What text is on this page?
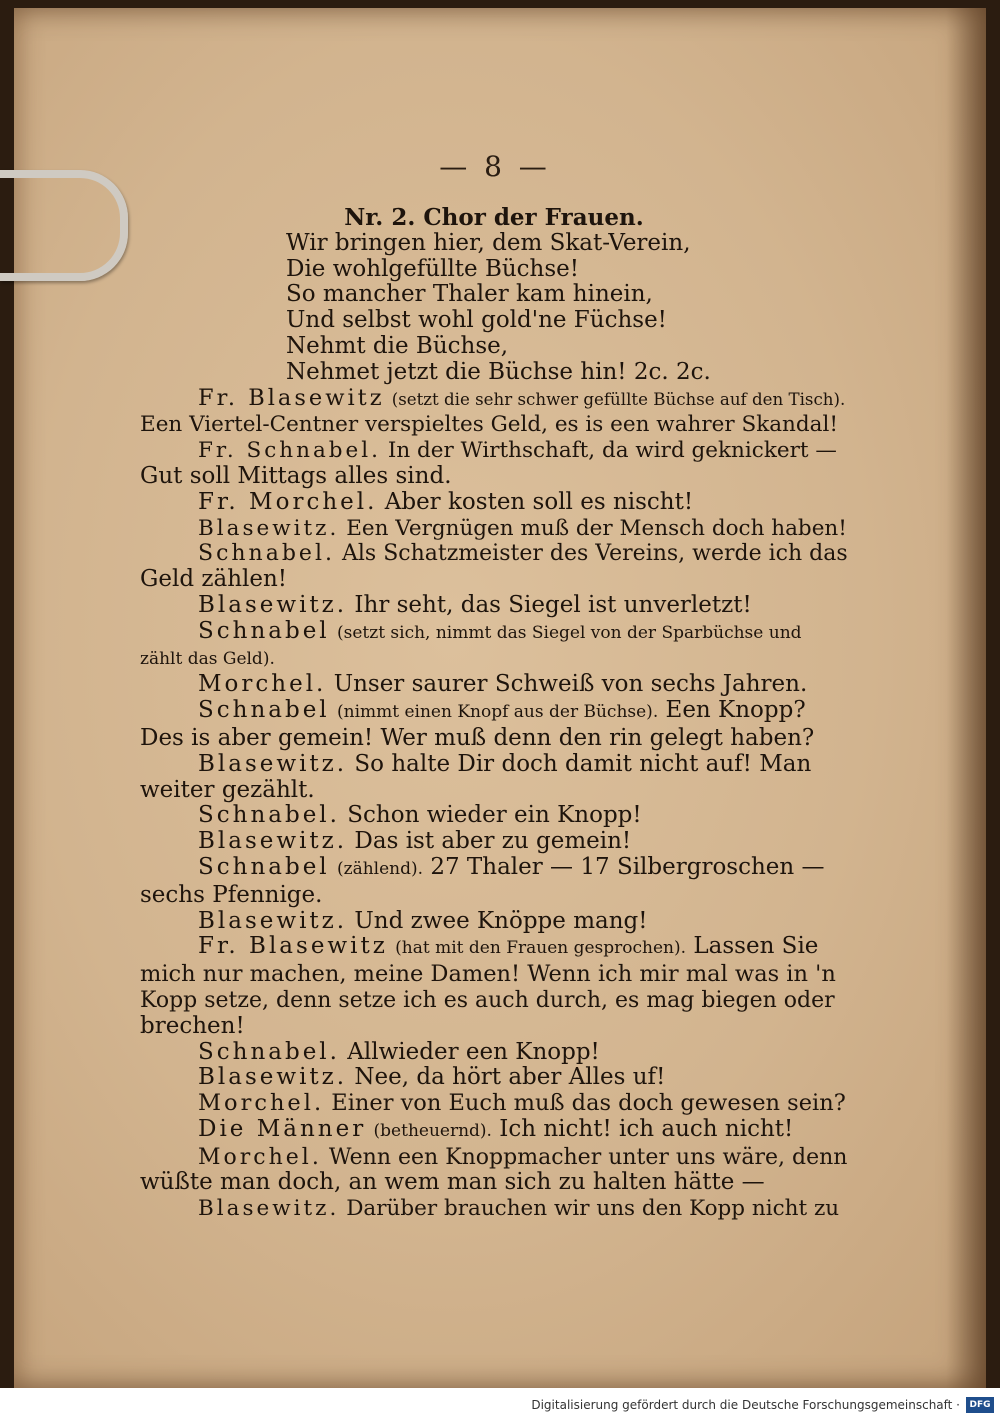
— 8 —
Nr. 2. Chor der Frauen.
Wir bringen hier, dem Skat-Verein,
Die wohlgefüllte Büchse!
So mancher Thaler kam hinein,
Und selbst wohl gold'ne Füchse!
Nehmt die Büchse,
Nehmet jetzt die Büchse hin! 2c. 2c.
Fr. Blasewitz (setzt die sehr schwer gefüllte Büchse auf den Tisch).
Een Viertel-Centner verspieltes Geld, es is een wahrer Skandal!
Fr. Schnabel. In der Wirthschaft, da wird geknickert —
Gut soll Mittags alles sind.
Fr. Morchel. Aber kosten soll es nischt!
Blasewitz. Een Vergnügen muß der Mensch doch haben!
Schnabel. Als Schatzmeister des Vereins, werde ich das
Geld zählen!
Blasewitz. Ihr seht, das Siegel ist unverletzt!
Schnabel (setzt sich, nimmt das Siegel von der Sparbüchse und
zählt das Geld).
Morchel. Unser saurer Schweiß von sechs Jahren.
Schnabel (nimmt einen Knopf aus der Büchse). Een Knopp?
Des is aber gemein! Wer muß denn den rin gelegt haben?
Blasewitz. So halte Dir doch damit nicht auf! Man
weiter gezählt.
Schnabel. Schon wieder ein Knopp!
Blasewitz. Das ist aber zu gemein!
Schnabel (zählend). 27 Thaler — 17 Silbergroschen —
sechs Pfennige.
Blasewitz. Und zwee Knöppe mang!
Fr. Blasewitz (hat mit den Frauen gesprochen). Lassen Sie
mich nur machen, meine Damen! Wenn ich mir mal was in 'n
Kopp setze, denn setze ich es auch durch, es mag biegen oder
brechen!
Schnabel. Allwieder een Knopp!
Blasewitz. Nee, da hört aber Alles uf!
Morchel. Einer von Euch muß das doch gewesen sein?
Die Männer (betheuernd). Ich nicht! ich auch nicht!
Morchel. Wenn een Knoppmacher unter uns wäre, denn
wüßte man doch, an wem man sich zu halten hätte —
Blasewitz. Darüber brauchen wir uns den Kopp nicht zu
Digitalisierung gefördert durch die Deutsche Forschungsgemeinschaft ·	DFG
